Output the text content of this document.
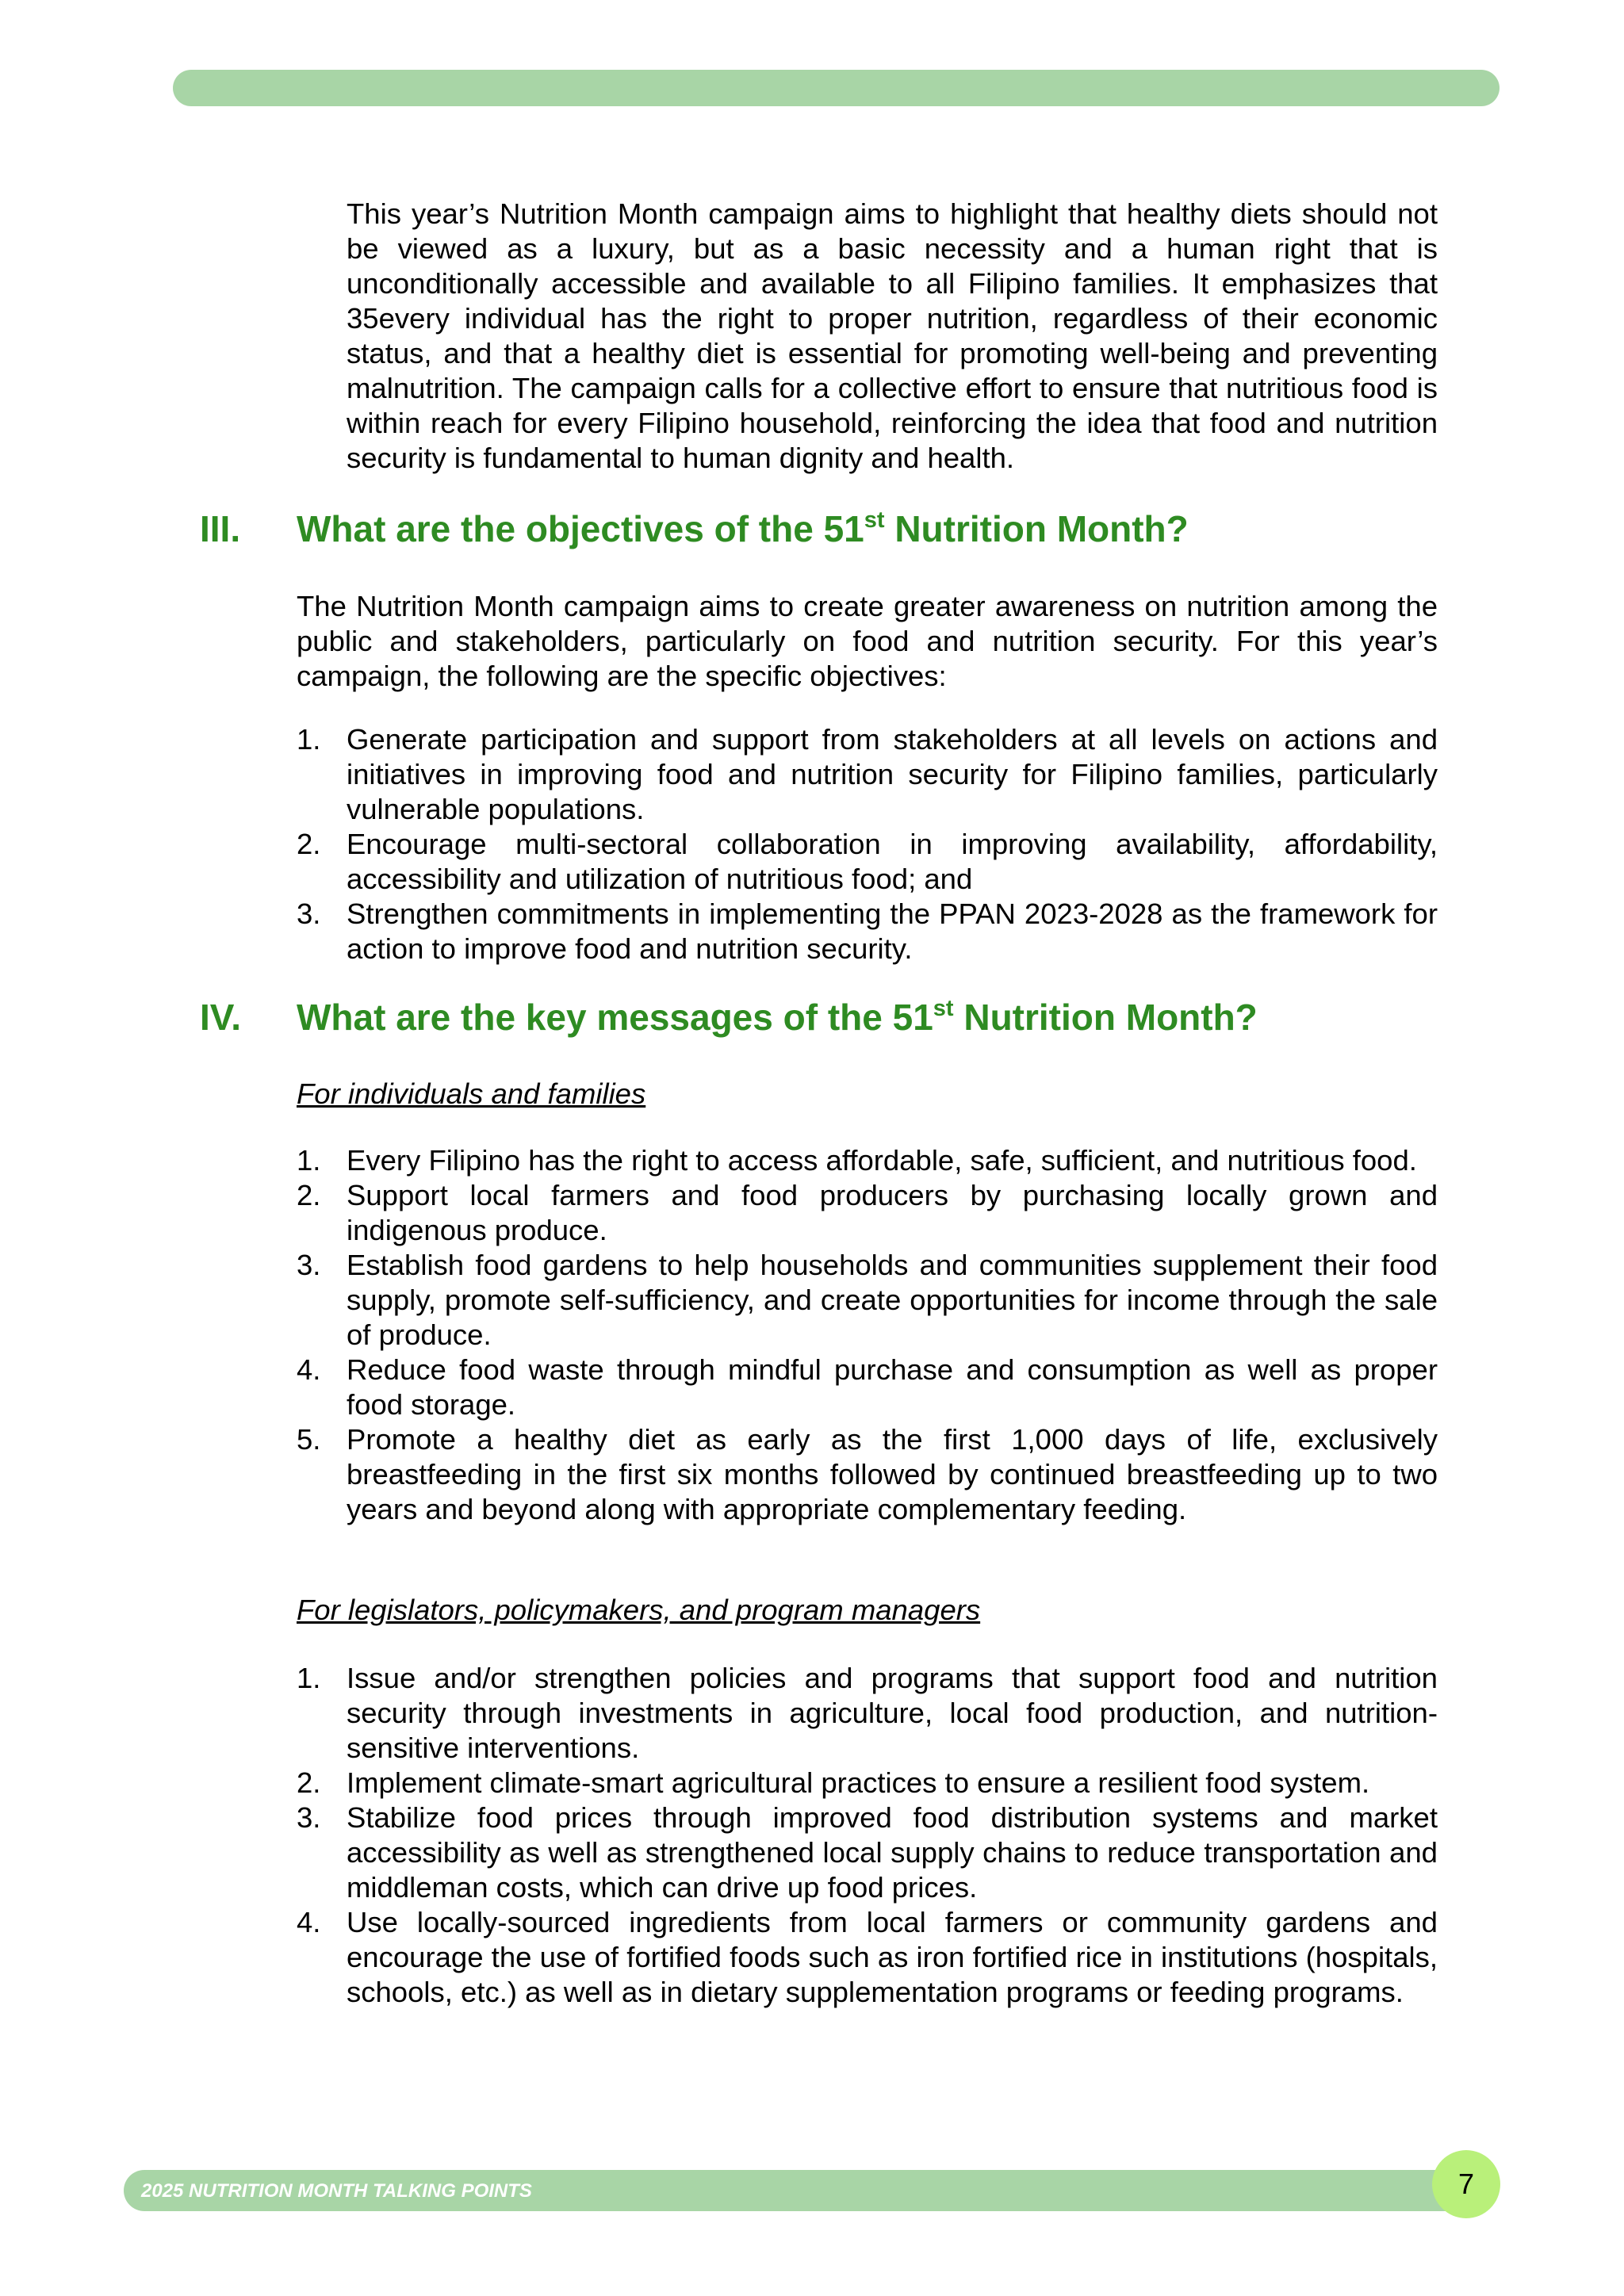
This year’s Nutrition Month campaign aims to highlight that healthy diets should not be viewed as a luxury, but as a basic necessity and a human right that is unconditionally accessible and available to all Filipino families. It emphasizes that 35every individual has the right to proper nutrition, regardless of their economic status, and that a healthy diet is essential for promoting well-being and preventing malnutrition. The campaign calls for a collective effort to ensure that nutritious food is within reach for every Filipino household, reinforcing the idea that food and nutrition security is fundamental to human dignity and health.

III. What are the objectives of the 51st Nutrition Month?

The Nutrition Month campaign aims to create greater awareness on nutrition among the public and stakeholders, particularly on food and nutrition security. For this year’s campaign, the following are the specific objectives:

1. Generate participation and support from stakeholders at all levels on actions and initiatives in improving food and nutrition security for Filipino families, particularly vulnerable populations.
2. Encourage multi-sectoral collaboration in improving availability, affordability, accessibility and utilization of nutritious food; and
3. Strengthen commitments in implementing the PPAN 2023-2028 as the framework for action to improve food and nutrition security.
IV. What are the key messages of the 51st Nutrition Month?

For individuals and families

1. Every Filipino has the right to access affordable, safe, sufficient, and nutritious food.
2. Support local farmers and food producers by purchasing locally grown and indigenous produce.
3. Establish food gardens to help households and communities supplement their food supply, promote self-sufficiency, and create opportunities for income through the sale of produce.
4. Reduce food waste through mindful purchase and consumption as well as proper food storage.
5. Promote a healthy diet as early as the first 1,000 days of life, exclusively breastfeeding in the first six months followed by continued breastfeeding up to two years and beyond along with appropriate complementary feeding.

For legislators, policymakers, and program managers

1. Issue and/or strengthen policies and programs that support food and nutrition security through investments in agriculture, local food production, and nutrition-sensitive interventions.
2. Implement climate-smart agricultural practices to ensure a resilient food system.
3. Stabilize food prices through improved food distribution systems and market accessibility as well as strengthened local supply chains to reduce transportation and middleman costs, which can drive up food prices.
4. Use locally-sourced ingredients from local farmers or community gardens and encourage the use of fortified foods such as iron fortified rice in institutions (hospitals, schools, etc.) as well as in dietary supplementation programs or feeding programs.
2025 NUTRITION MONTH TALKING POINTS	7
